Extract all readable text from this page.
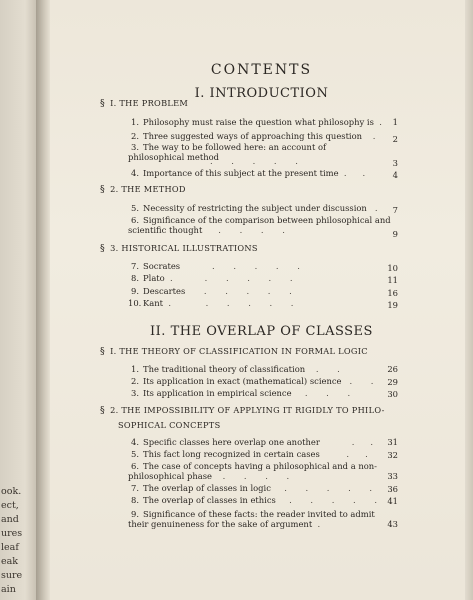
ook.
ect,
and
ures
leaf
eak
sure
ain
CONTENTS
I. INTRODUCTION
§ I. THE PROBLEM
1. Philosophy must raise the question what philosophy is  .	1
2. Three suggested ways of approaching this question    .	2
3. The way to be followed here: an account of philosophical method
.       .       .       .       .	3
4. Importance of this subject at the present time  .      .	4
§ 2. THE METHOD
5. Necessity of restricting the subject under discussion   .	7
6. Significance of the comparison between philosophical and scientific thought      .       .       .       .	9
§ 3. HISTORICAL ILLUSTRATIONS
7. Socrates            .       .       .       .       .	10
8. Plato  .            .       .       .       .       .	11
9. Descartes       .       .       .       .       .	16
10. Kant  .             .       .       .       .       .	19
II. THE OVERLAP OF CLASSES
§ I. THE THEORY OF CLASSIFICATION IN FORMAL LOGIC
1. The traditional theory of classification    .       .	26
2. Its application in exact (mathematical) science   .       .	29
3. Its application in empirical science     .       .       .	30
§ 2. THE IMPOSSIBILITY OF APPLYING IT RIGIDLY TO PHILO-
SOPHICAL CONCEPTS
4. Specific classes here overlap one another            .      .	31
5. This fact long recognized in certain cases          .      .	32
6. The case of concepts having a philosophical and a non-philosophical phase    .       .       .       .	33
7. The overlap of classes in logic     .       .       .       .       .	36
8. The overlap of classes in ethics     .       .       .       .       .	41
9. Significance of these facts: the reader invited to admit their genuineness for the sake of argument  .	43
